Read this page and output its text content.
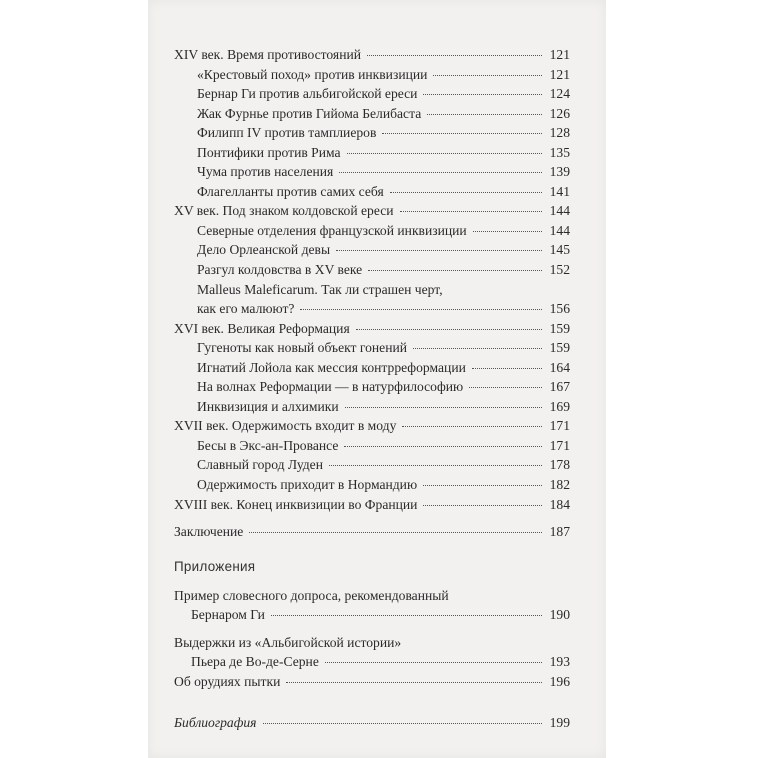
XIV век. Время противостояний	121
«Крестовый поход» против инквизиции	121
Бернар Ги против альбигойской ереси	124
Жак Фурнье против Гийома Белибаста	126
Филипп IV против тамплиеров	128
Понтифики против Рима	135
Чума против населения	139
Флагелланты против самих себя	141
XV век. Под знаком колдовской ереси	144
Северные отделения французской инквизиции	144
Дело Орлеанской девы	145
Разгул колдовства в XV веке	152
Malleus Maleficarum. Так ли страшен черт,
как его малюют?	156
XVI век. Великая Реформация	159
Гугеноты как новый объект гонений	159
Игнатий Лойола как мессия контрреформации	164
На волнах Реформации — в натурфилософию	167
Инквизиция и алхимики	169
XVII век. Одержимость входит в моду	171
Бесы в Экс-ан-Провансе	171
Славный город Луден	178
Одержимость приходит в Нормандию	182
XVIII век. Конец инквизиции во Франции	184
Заключение	187
Приложения
Пример словесного допроса, рекомендованный
Бернаром Ги	190
Выдержки из «Альбигойской истории»
Пьера де Во-де-Серне	193
Об орудиях пытки	196
Библиография	199
